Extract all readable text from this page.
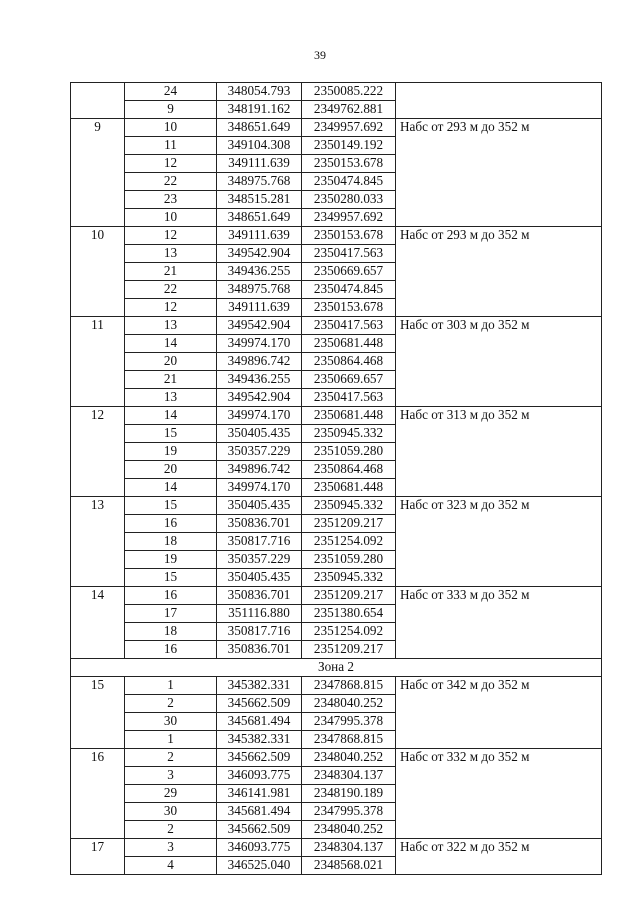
39
	24	348054.793	2350085.222	
	9	348191.162	2349762.881	
9	10	348651.649	2349957.692	Набс от 293 м до 352 м
	11	349104.308	2350149.192	
	12	349111.639	2350153.678	
	22	348975.768	2350474.845	
	23	348515.281	2350280.033	
	10	348651.649	2349957.692	
10	12	349111.639	2350153.678	Набс от 293 м до 352 м
	13	349542.904	2350417.563	
	21	349436.255	2350669.657	
	22	348975.768	2350474.845	
	12	349111.639	2350153.678	
11	13	349542.904	2350417.563	Набс от 303 м до 352 м
	14	349974.170	2350681.448	
	20	349896.742	2350864.468	
	21	349436.255	2350669.657	
	13	349542.904	2350417.563	
12	14	349974.170	2350681.448	Набс от 313 м до 352 м
	15	350405.435	2350945.332	
	19	350357.229	2351059.280	
	20	349896.742	2350864.468	
	14	349974.170	2350681.448	
13	15	350405.435	2350945.332	Набс от 323 м до 352 м
	16	350836.701	2351209.217	
	18	350817.716	2351254.092	
	19	350357.229	2351059.280	
	15	350405.435	2350945.332	
14	16	350836.701	2351209.217	Набс от 333 м до 352 м
	17	351116.880	2351380.654	
	18	350817.716	2351254.092	
	16	350836.701	2351209.217	
Зона 2				
15	1	345382.331	2347868.815	Набс от 342 м до 352 м
	2	345662.509	2348040.252	
	30	345681.494	2347995.378	
	1	345382.331	2347868.815	
16	2	345662.509	2348040.252	Набс от 332 м до 352 м
	3	346093.775	2348304.137	
	29	346141.981	2348190.189	
	30	345681.494	2347995.378	
	2	345662.509	2348040.252	
17	3	346093.775	2348304.137	Набс от 322 м до 352 м
	4	346525.040	2348568.021	
